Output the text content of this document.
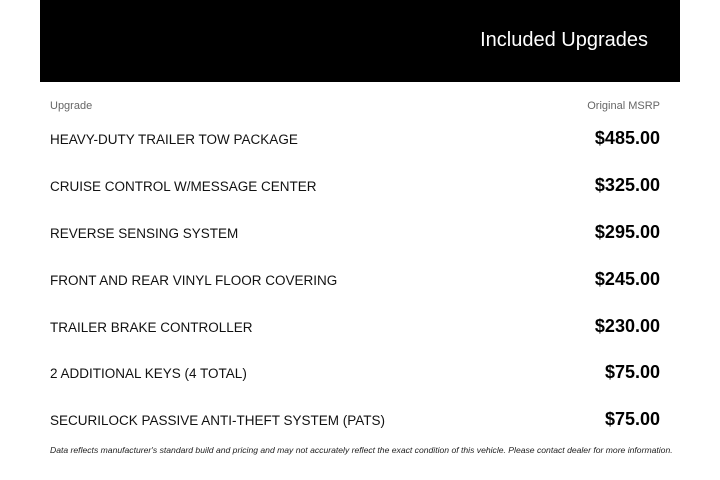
Included Upgrades
Upgrade	Original MSRP
HEAVY-DUTY TRAILER TOW PACKAGE	$485.00
CRUISE CONTROL W/MESSAGE CENTER	$325.00
REVERSE SENSING SYSTEM	$295.00
FRONT AND REAR VINYL FLOOR COVERING	$245.00
TRAILER BRAKE CONTROLLER	$230.00
2 ADDITIONAL KEYS (4 TOTAL)	$75.00
SECURILOCK PASSIVE ANTI-THEFT SYSTEM (PATS)	$75.00
Data reflects manufacturer's standard build and pricing and may not accurately reflect the exact condition of this vehicle. Please contact dealer for more information.
